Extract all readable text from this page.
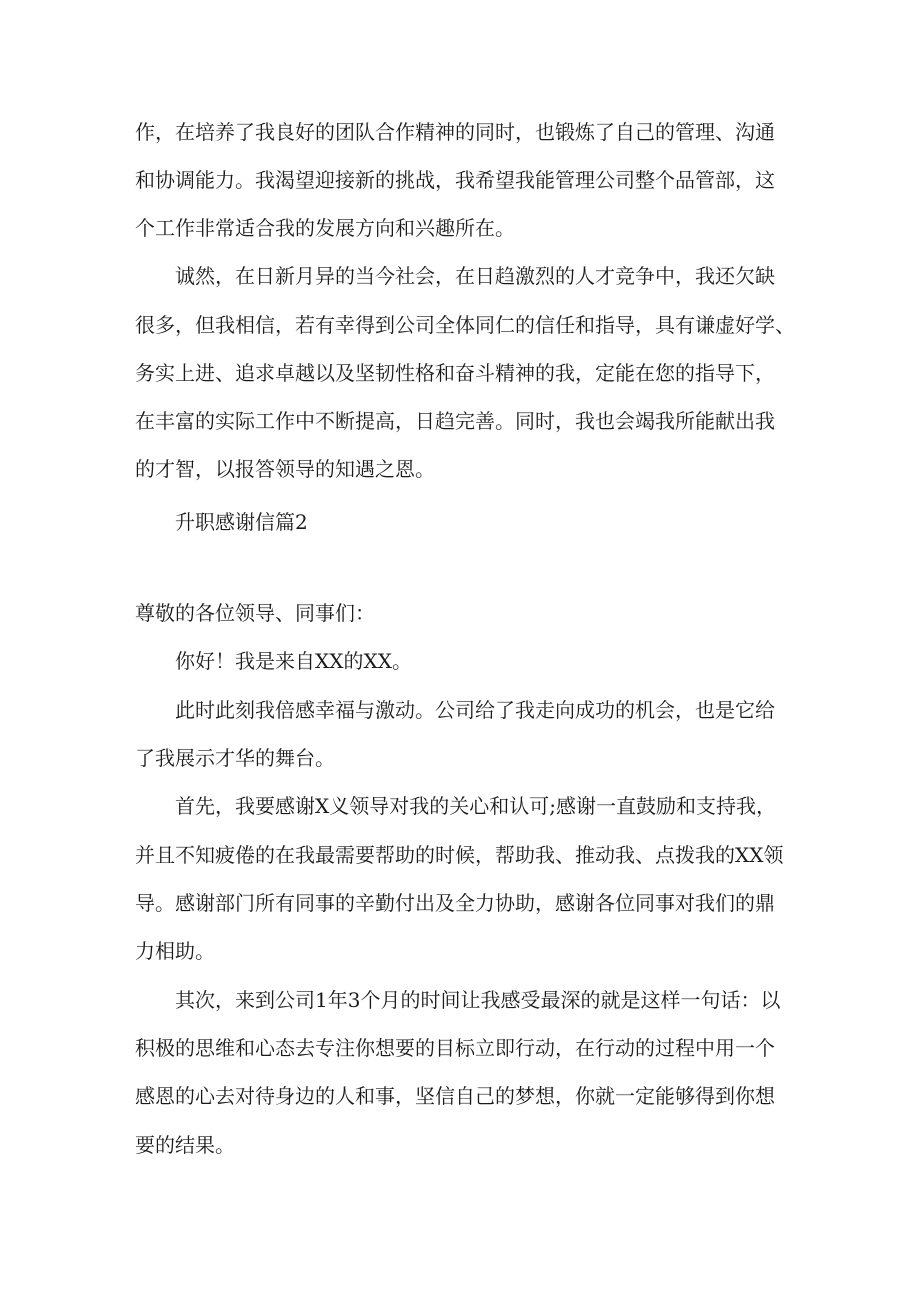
作，在培养了我良好的团队合作精神的同时，也锻炼了自己的管理、沟通

和协调能力。我渴望迎接新的挑战，我希望我能管理公司整个品管部，这

个工作非常适合我的发展方向和兴趣所在。

诚然，在日新月异的当今社会，在日趋激烈的人才竞争中，我还欠缺

很多，但我相信，若有幸得到公司全体同仁的信任和指导，具有谦虚好学、

务实上进、追求卓越以及坚韧性格和奋斗精神的我，定能在您的指导下，

在丰富的实际工作中不断提高，日趋完善。同时，我也会竭我所能献出我

的才智，以报答领导的知遇之恩。

升职感谢信篇2

尊敬的各位领导、同事们：

你好！我是来自XX的XX。

此时此刻我倍感幸福与激动。公司给了我走向成功的机会，也是它给

了我展示才华的舞台。

首先，我要感谢X义领导对我的关心和认可;感谢一直鼓励和支持我，

并且不知疲倦的在我最需要帮助的时候，帮助我、推动我、点拨我的XX领

导。感谢部门所有同事的辛勤付出及全力协助，感谢各位同事对我们的鼎

力相助。

其次，来到公司1年3个月的时间让我感受最深的就是这样一句话：以

积极的思维和心态去专注你想要的目标立即行动，在行动的过程中用一个

感恩的心去对待身边的人和事，坚信自己的梦想，你就一定能够得到你想

要的结果。
